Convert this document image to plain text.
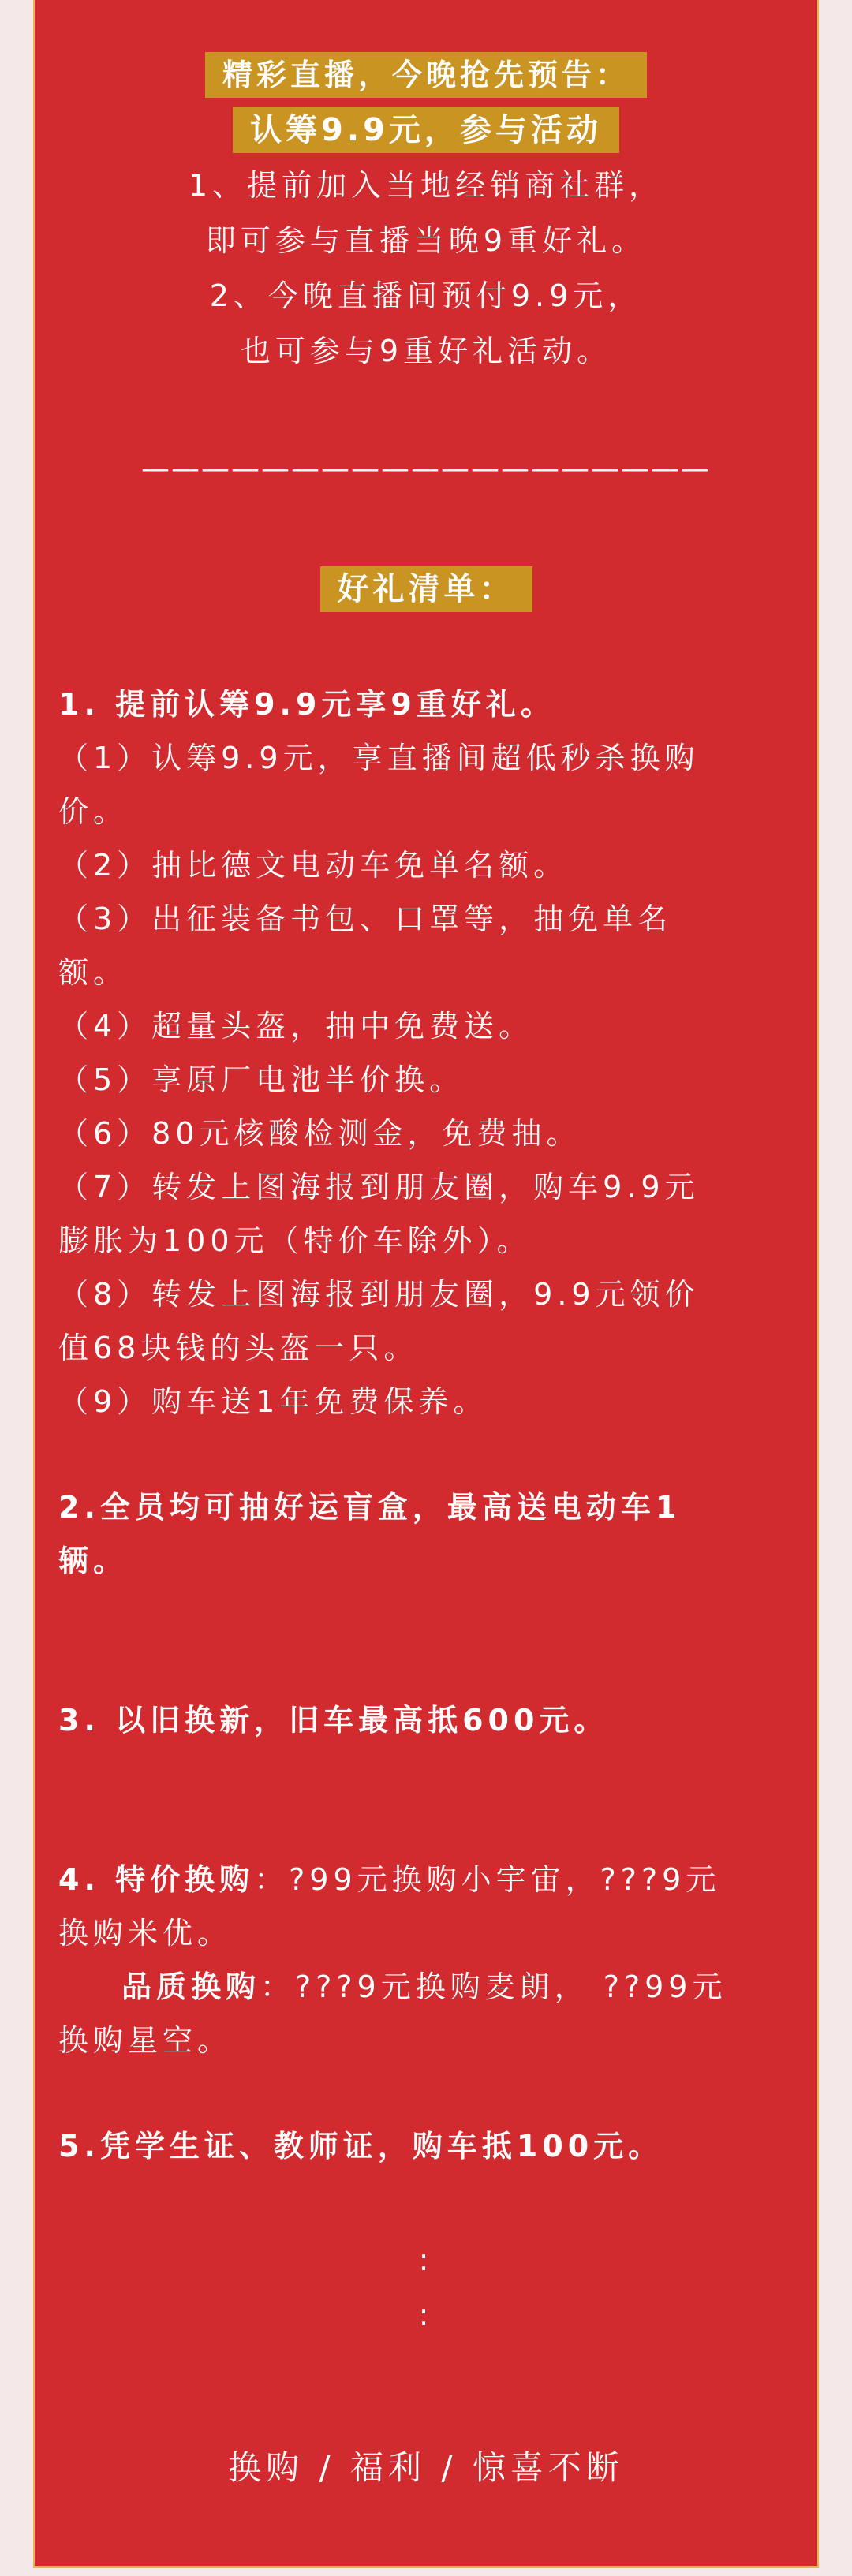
精彩直播，今晚抢先预告：
认筹9.9元，参与活动
1、提前加入当地经销商社群，
即可参与直播当晚9重好礼。
2、今晚直播间预付9.9元，
也可参与9重好礼活动。
———————————————————
好礼清单：
1. 提前认筹9.9元享9重好礼。
（1）认筹9.9元，享直播间超低秒杀换购
价。
（2）抽比德文电动车免单名额。
（3）出征装备书包、口罩等，抽免单名
额。
（4）超量头盔，抽中免费送。
（5）享原厂电池半价换。
（6）80元核酸检测金，免费抽。
（7）转发上图海报到朋友圈，购车9.9元
膨胀为100元（特价车除外）。
（8）转发上图海报到朋友圈，9.9元领价
值68块钱的头盔一只。
（9）购车送1年免费保养。
2.全员均可抽好运盲盒，最高送电动车1
辆。
3. 以旧换新，旧车最高抵600元。
4. 特价换购：?99元换购小宇宙，???9元
换购米优。
品质换购：???9元换购麦朗， ??99元
换购星空。
5.凭学生证、教师证，购车抵100元。
:
:
换购 / 福利 / 惊喜不断
